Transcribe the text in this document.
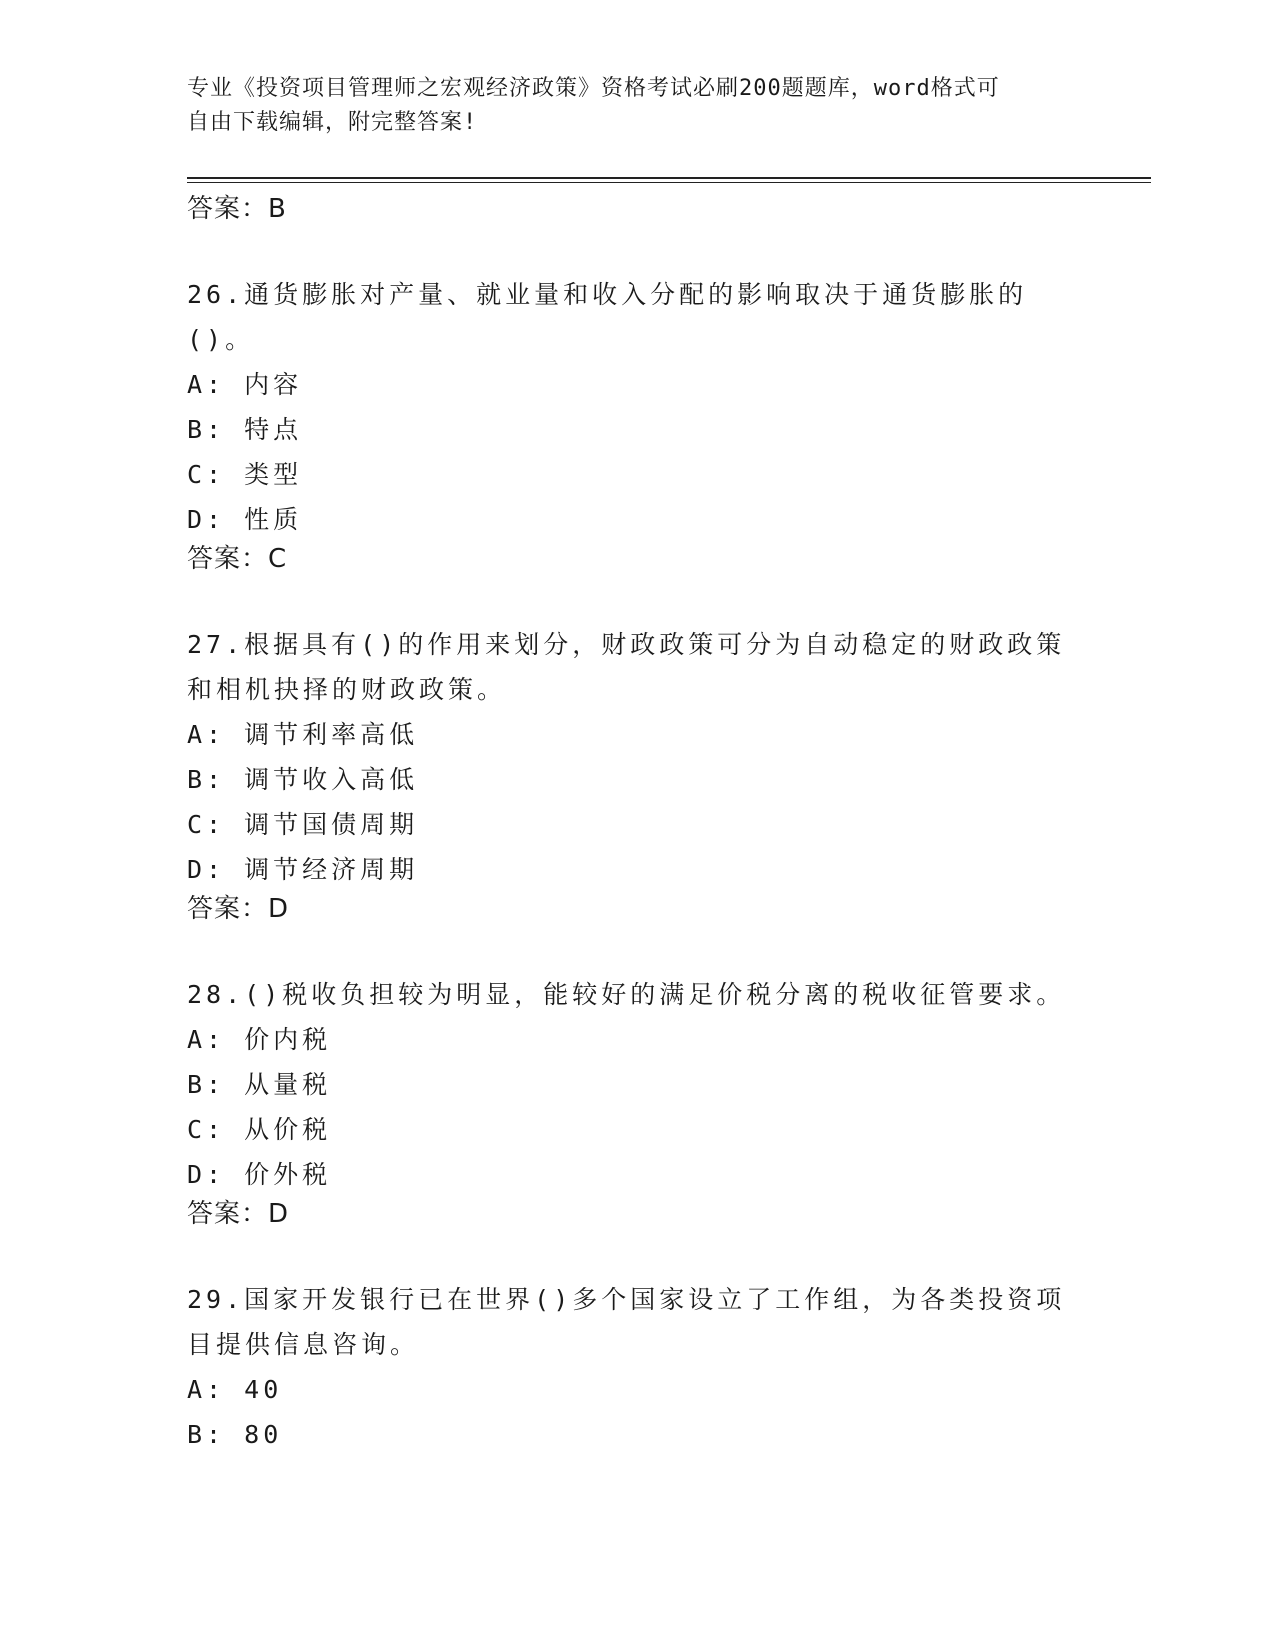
专业《投资项目管理师之宏观经济政策》资格考试必刷200题题库，word格式可
自由下载编辑，附完整答案!

答案：B

26.通货膨胀对产量、就业量和收入分配的影响取决于通货膨胀的()。

A: 内容

B: 特点

C: 类型

D: 性质

答案：C

27.根据具有()的作用来划分，财政政策可分为自动稳定的财政政策和相机抉择的财政政策。

A: 调节利率高低

B: 调节收入高低

C: 调节国债周期

D: 调节经济周期

答案：D

28.()税收负担较为明显，能较好的满足价税分离的税收征管要求。

A: 价内税

B: 从量税

C: 从价税

D: 价外税

答案：D

29.国家开发银行已在世界()多个国家设立了工作组，为各类投资项目提供信息咨询。

A: 40

B: 80
